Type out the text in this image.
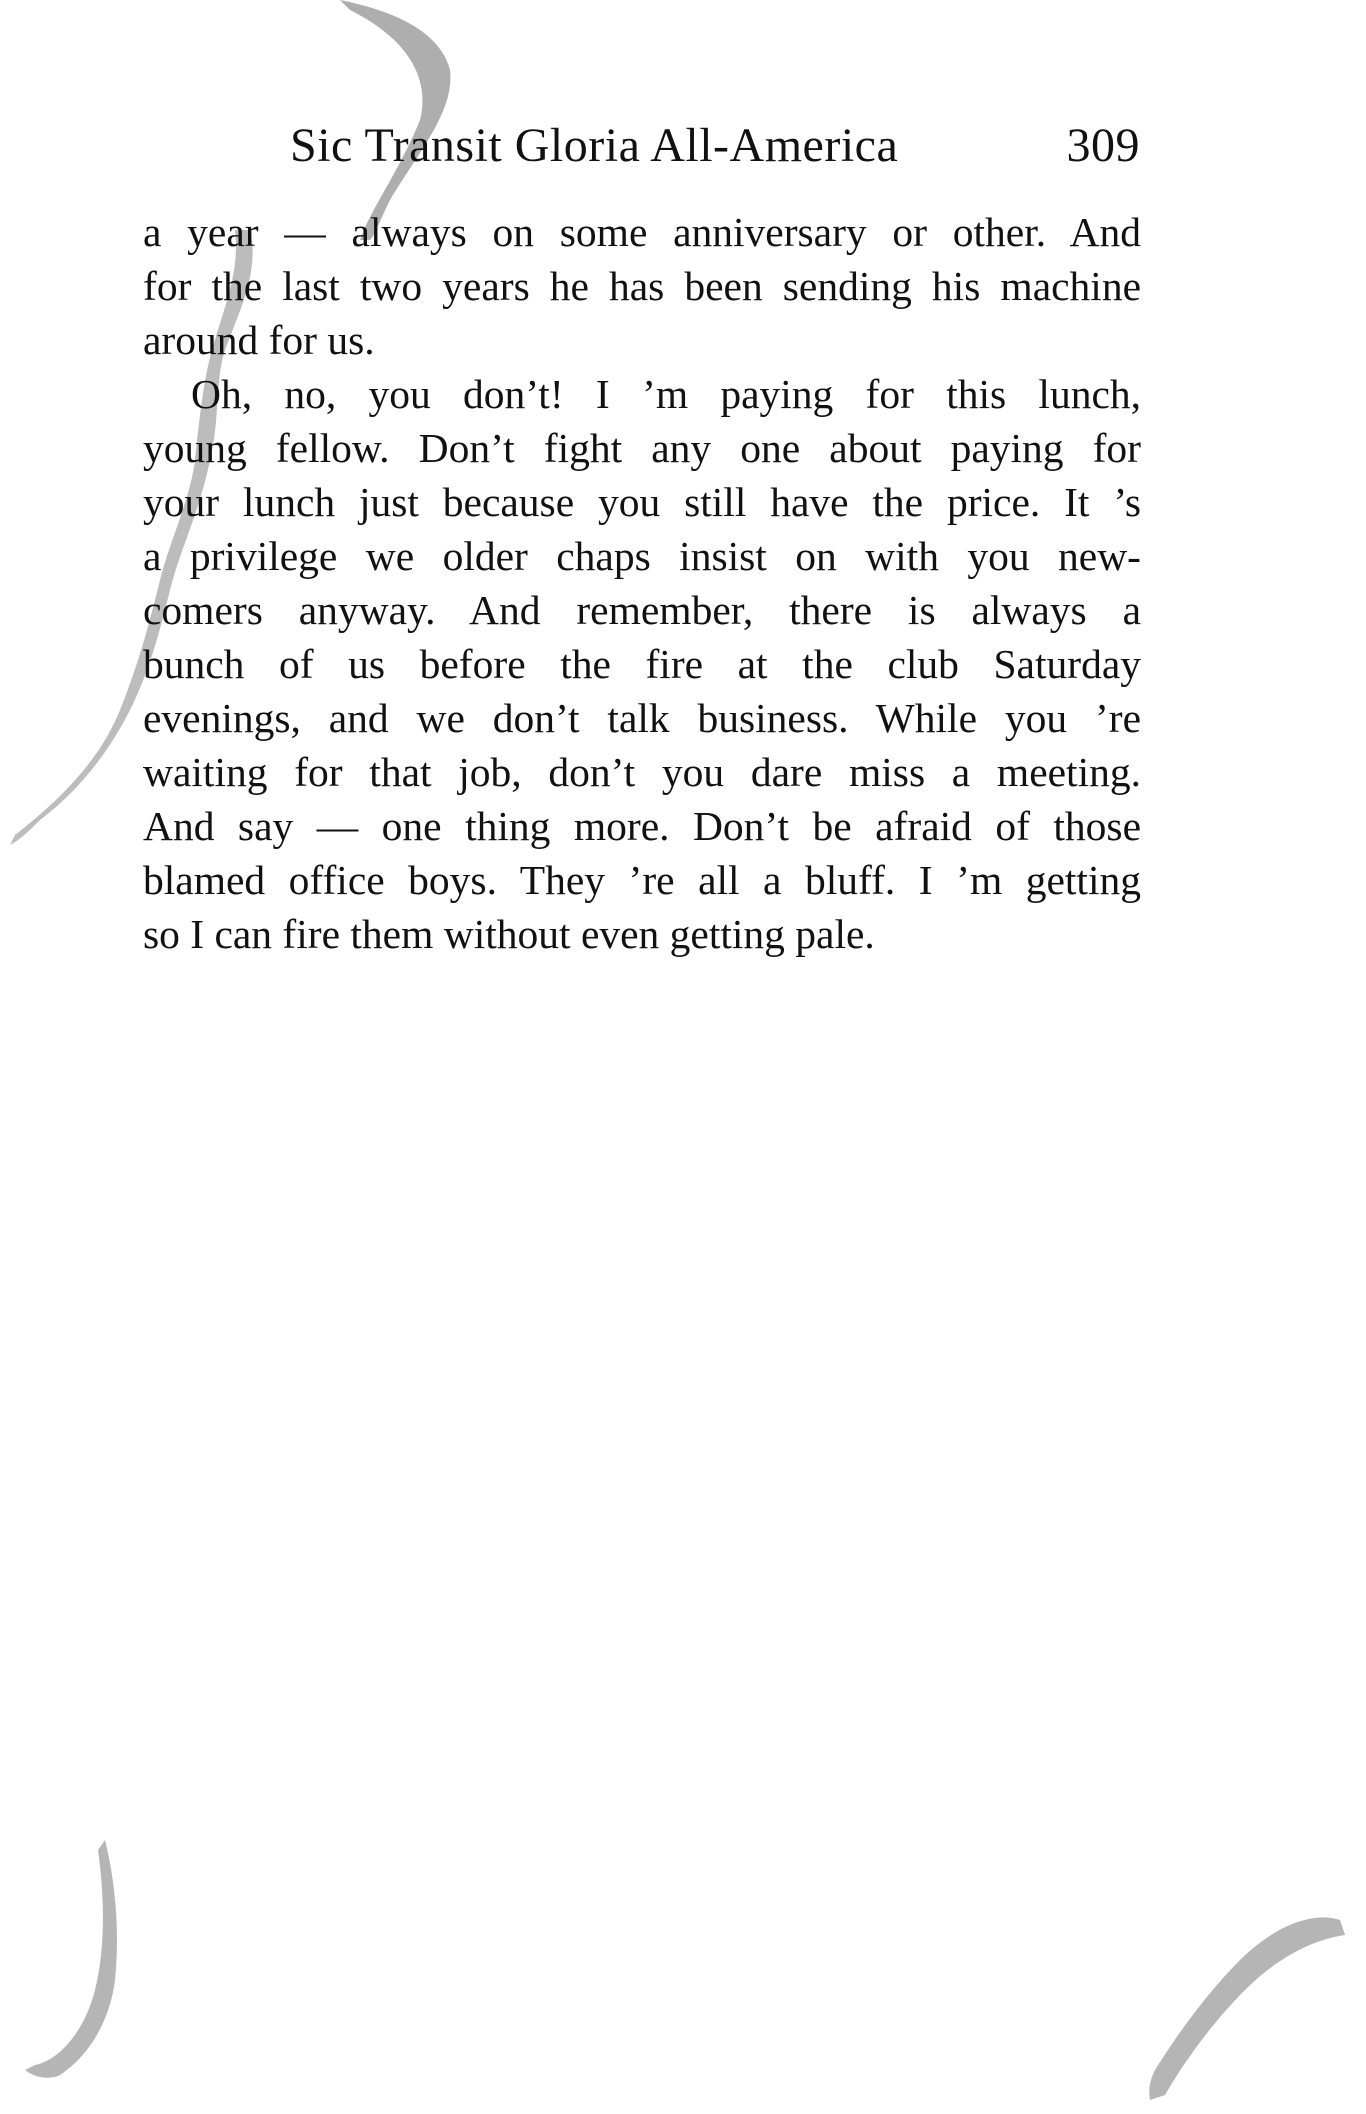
Sic Transit Gloria All-America	309
a year — always on some anniversary or other. And
for the last two years he has been sending his machine
around for us.
Oh, no, you don’t! I ’m paying for this lunch,
young fellow. Don’t fight any one about paying for
your lunch just because you still have the price. It ’s
a privilege we older chaps insist on with you new-
comers anyway. And remember, there is always a
bunch of us before the fire at the club Saturday
evenings, and we don’t talk business. While you ’re
waiting for that job, don’t you dare miss a meeting.
And say — one thing more. Don’t be afraid of those
blamed office boys. They ’re all a bluff. I ’m getting
so I can fire them without even getting pale.
